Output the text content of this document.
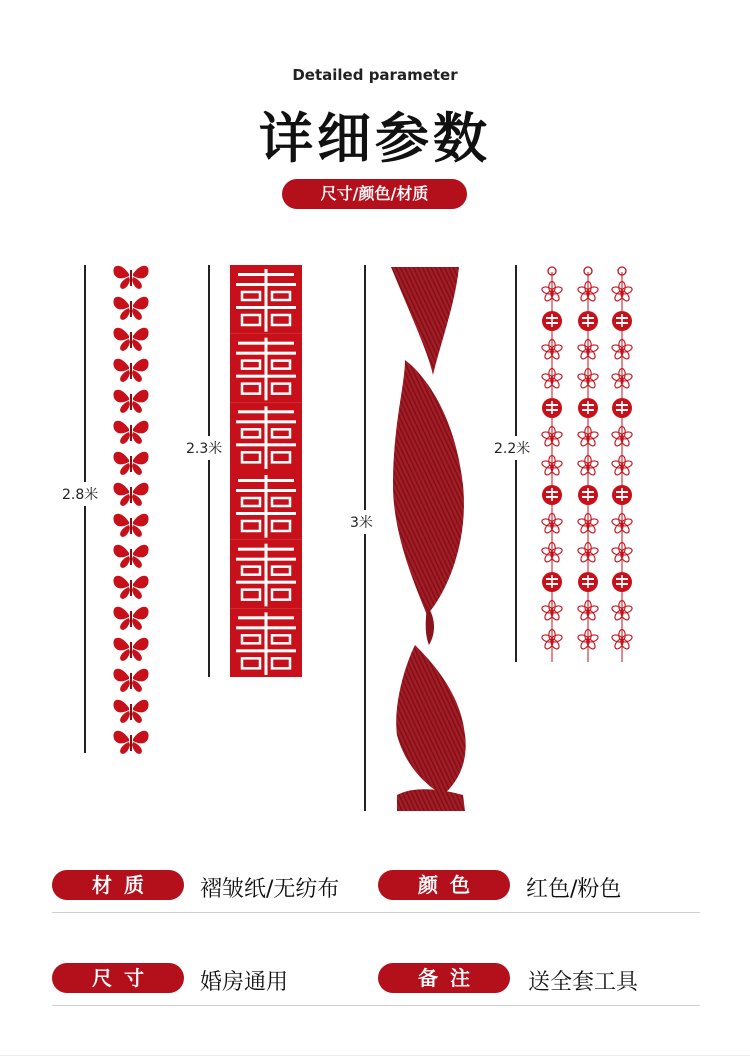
Detailed parameter
详细参数
尺寸/颜色/材质
2.8米
2.3米
3米
2.2米
材质	褶皱纸/无纺布	颜色	红色/粉色
尺寸	婚房通用	备注	送全套工具
